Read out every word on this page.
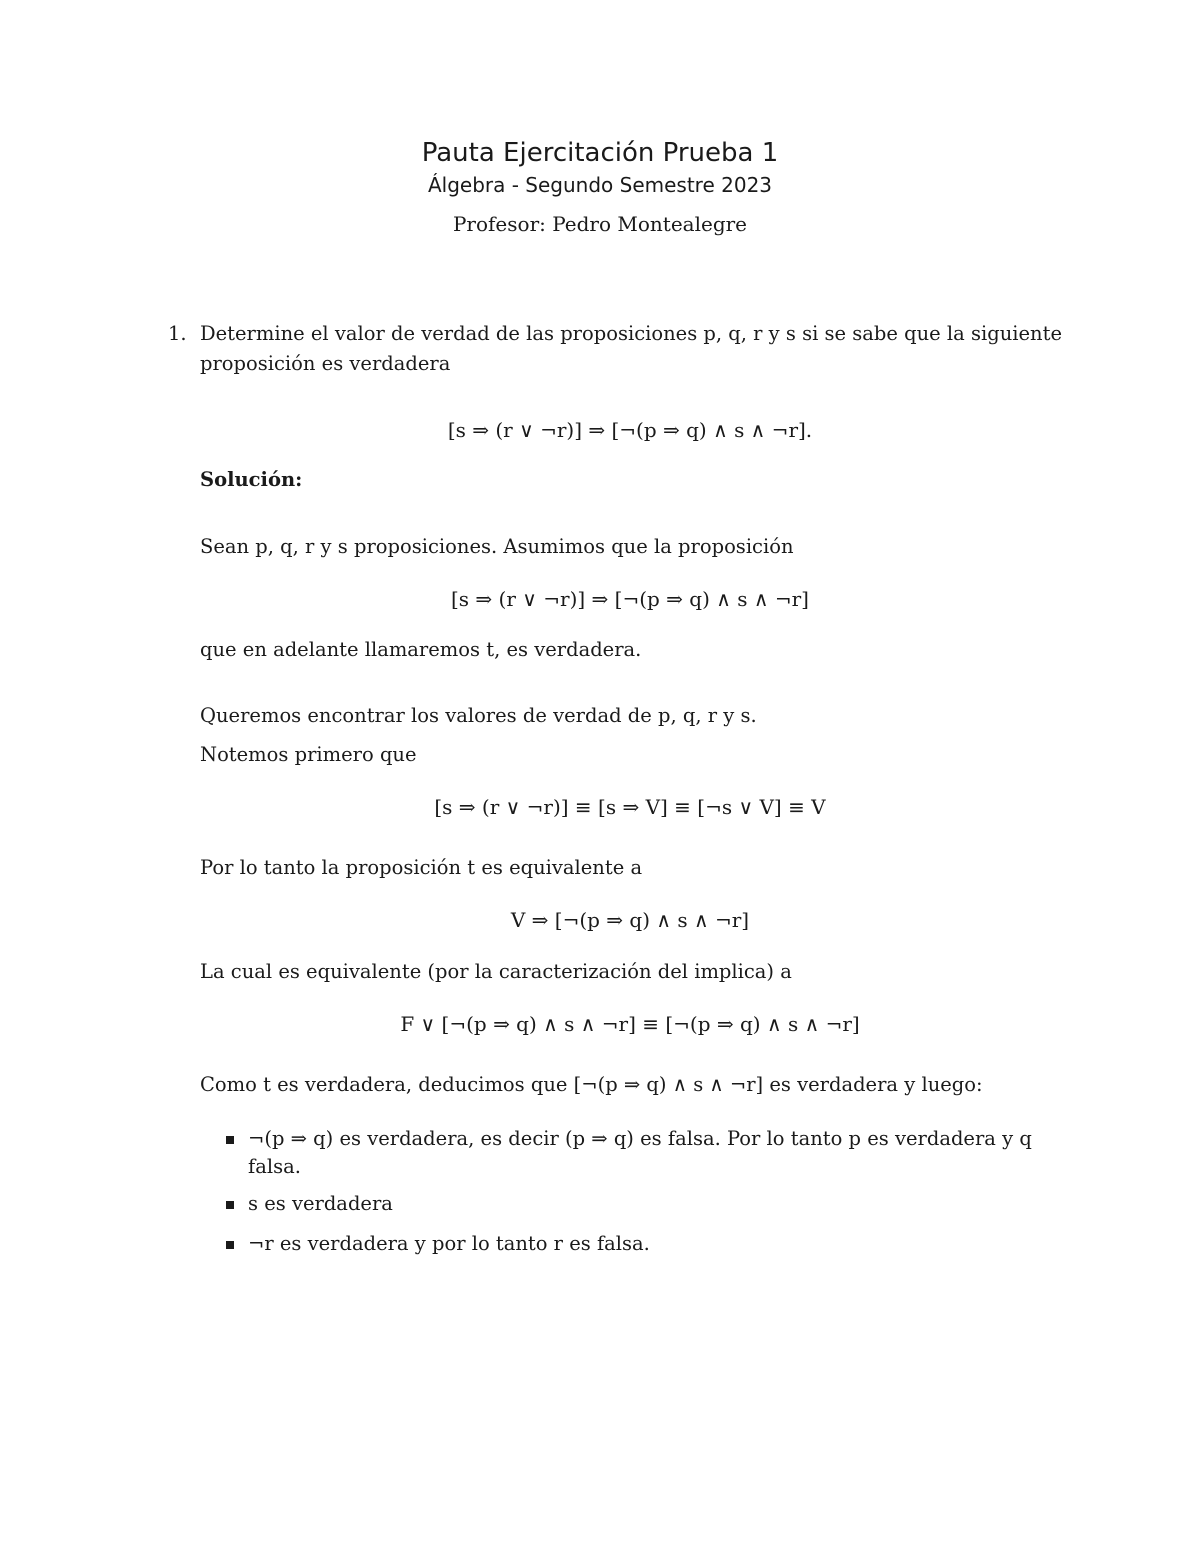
Pauta Ejercitación Prueba 1
Álgebra - Segundo Semestre 2023
Profesor: Pedro Montealegre
1. Determine el valor de verdad de las proposiciones p, q, r y s si se sabe que la siguiente
proposición es verdadera
[s ⇒ (r ∨ ¬r)] ⇒ [¬(p ⇒ q) ∧ s ∧ ¬r].
Solución:
Sean p, q, r y s proposiciones. Asumimos que la proposición
[s ⇒ (r ∨ ¬r)] ⇒ [¬(p ⇒ q) ∧ s ∧ ¬r]
que en adelante llamaremos t, es verdadera.
Queremos encontrar los valores de verdad de p, q, r y s.
Notemos primero que
[s ⇒ (r ∨ ¬r)] ≡ [s ⇒ V] ≡ [¬s ∨ V] ≡ V
Por lo tanto la proposición t es equivalente a
V ⇒ [¬(p ⇒ q) ∧ s ∧ ¬r]
La cual es equivalente (por la caracterización del implica) a
F ∨ [¬(p ⇒ q) ∧ s ∧ ¬r] ≡ [¬(p ⇒ q) ∧ s ∧ ¬r]
Como t es verdadera, deducimos que [¬(p ⇒ q) ∧ s ∧ ¬r] es verdadera y luego:
¬(p ⇒ q) es verdadera, es decir (p ⇒ q) es falsa. Por lo tanto p es verdadera y q
falsa.
s es verdadera
¬r es verdadera y por lo tanto r es falsa.
